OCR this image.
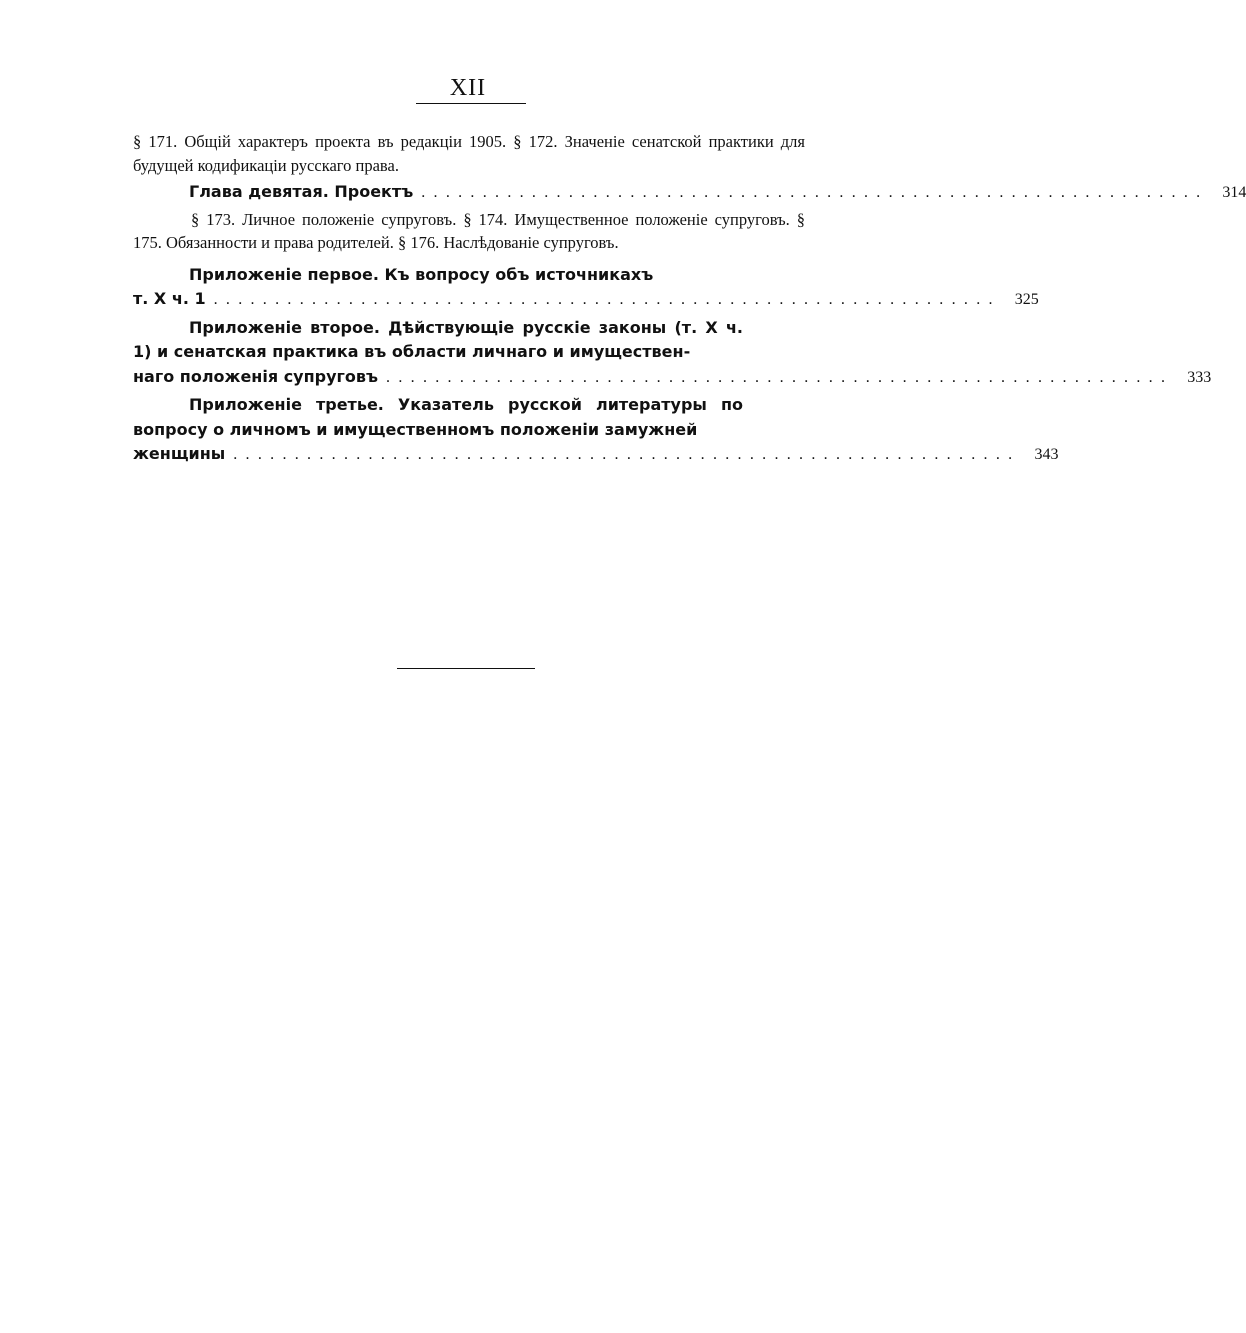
XII
§ 171. Общій характеръ проекта въ редакціи 1905. § 172. Значеніе сенатской практики для будущей кодификаціи русскаго права.
Глава девятая. Проектъ ................................................................ 314
§ 173. Личное положеніе супруговъ. § 174. Имущественное положеніе супруговъ. § 175. Обязанности и права родителей. § 176. Наслѣдованіе супруговъ.
Приложеніе первое. Къ вопросу объ источникахъ
т. X ч. 1 ................................................................ 325
Приложеніе второе. Дѣйствующіе русскіе законы (т. X ч. 1) и сенатская практика въ области личнаго и имуществен-
наго положенія супруговъ ................................................................ 333
Приложеніе третье. Указатель русской литературы по вопросу о личномъ и имущественномъ положеніи замужней
женщины ................................................................ 343
